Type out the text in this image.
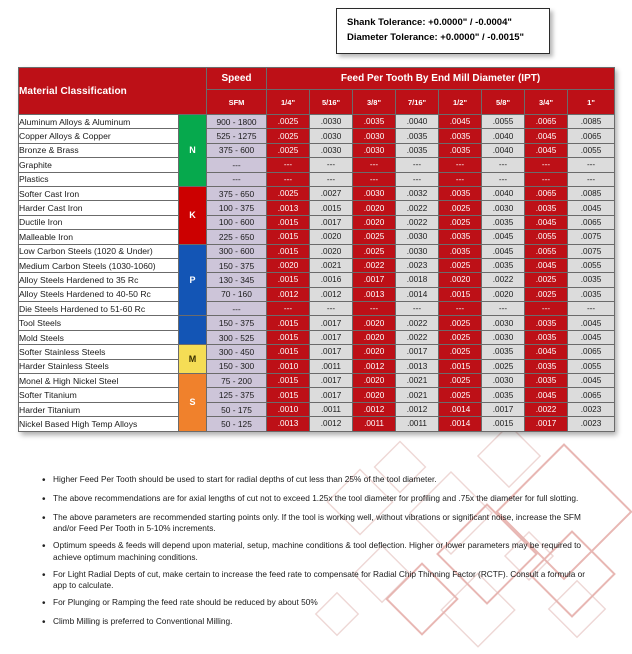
Shank Tolerance: +0.0000" / -0.0004"
Diameter Tolerance: +0.0000" / -0.0015"
Material Classification		Speed	Feed Per Tooth By End Mill Diameter (IPT)							
		SFM	1/4"	5/16"	3/8"	7/16"	1/2"	5/8"	3/4"	1"
Aluminum Alloys & Aluminum	N	900 - 1800	.0025	.0030	.0035	.0040	.0045	.0055	.0065	.0085
Copper Alloys & Copper		525 - 1275	.0025	.0030	.0030	.0035	.0035	.0040	.0045	.0065
Bronze & Brass		375 - 600	.0025	.0030	.0030	.0035	.0035	.0040	.0045	.0055
Graphite		---	---	---	---	---	---	---	---	---
Plastics		---	---	---	---	---	---	---	---	---
Softer Cast Iron	K	375 - 650	.0025	.0027	.0030	.0032	.0035	.0040	.0065	.0085
Harder Cast Iron		100 - 375	.0013	.0015	.0020	.0022	.0025	.0030	.0035	.0045
Ductile Iron		100 - 600	.0015	.0017	.0020	.0022	.0025	.0035	.0045	.0065
Malleable Iron		225 - 650	.0015	.0020	.0025	.0030	.0035	.0045	.0055	.0075
Low Carbon Steels (1020 & Under)	P	300 - 600	.0015	.0020	.0025	.0030	.0035	.0045	.0055	.0075
Medium Carbon Steels (1030-1060)		150 - 375	.0020	.0021	.0022	.0023	.0025	.0035	.0045	.0055
Alloy Steels Hardened to 35 Rc		130 - 345	.0015	.0016	.0017	.0018	.0020	.0022	.0025	.0035
Alloy Steels Hardened to 40-50 Rc		70 - 160	.0012	.0012	.0013	.0014	.0015	.0020	.0025	.0035
Die Steels Hardened to 51-60 Rc		---	---	---	---	---	---	---	---	---
Tool Steels		150 - 375	.0015	.0017	.0020	.0022	.0025	.0030	.0035	.0045
Mold Steels		300 - 525	.0015	.0017	.0020	.0022	.0025	.0030	.0035	.0045
Softer Stainless Steels	M	300 - 450	.0015	.0017	.0020	.0017	.0025	.0035	.0045	.0065
Harder Stainless Steels		150 - 300	.0010	.0011	.0012	.0013	.0015	.0025	.0035	.0055
Monel & High Nickel Steel	S	75 - 200	.0015	.0017	.0020	.0021	.0025	.0030	.0035	.0045
Softer Titanium		125 - 375	.0015	.0017	.0020	.0021	.0025	.0035	.0045	.0065
Harder Titanium		50 - 175	.0010	.0011	.0012	.0012	.0014	.0017	.0022	.0023
Nickel Based High Temp Alloys		50 - 125	.0013	.0012	.0011	.0011	.0014	.0015	.0017	.0023
• Higher Feed Per Tooth should be used to start for radial depths of cut less than 25% of the tool diameter.
• The above recommendations are for axial lengths of cut not to exceed 1.25x the tool diameter for profiling and .75x the diameter for full slotting.
• The above parameters are recommended starting points only. If the tool is working well, without vibrations or significant noise, increase the SFM and/or Feed Per Tooth in 5-10% increments.
• Optimum speeds & feeds will depend upon material, setup, machine conditions & tool deflection. Higher or lower parameters may be required to achieve optimum machining conditions.
• For Light Radial Depts of cut, make certain to increase the feed rate to compensate for Radial Chip Thinning Factor (RCTF). Consult a formula or app to calculate.
• For Plunging or Ramping the feed rate should be reduced by about 50%
• Climb Milling is preferred to Conventional Milling.
